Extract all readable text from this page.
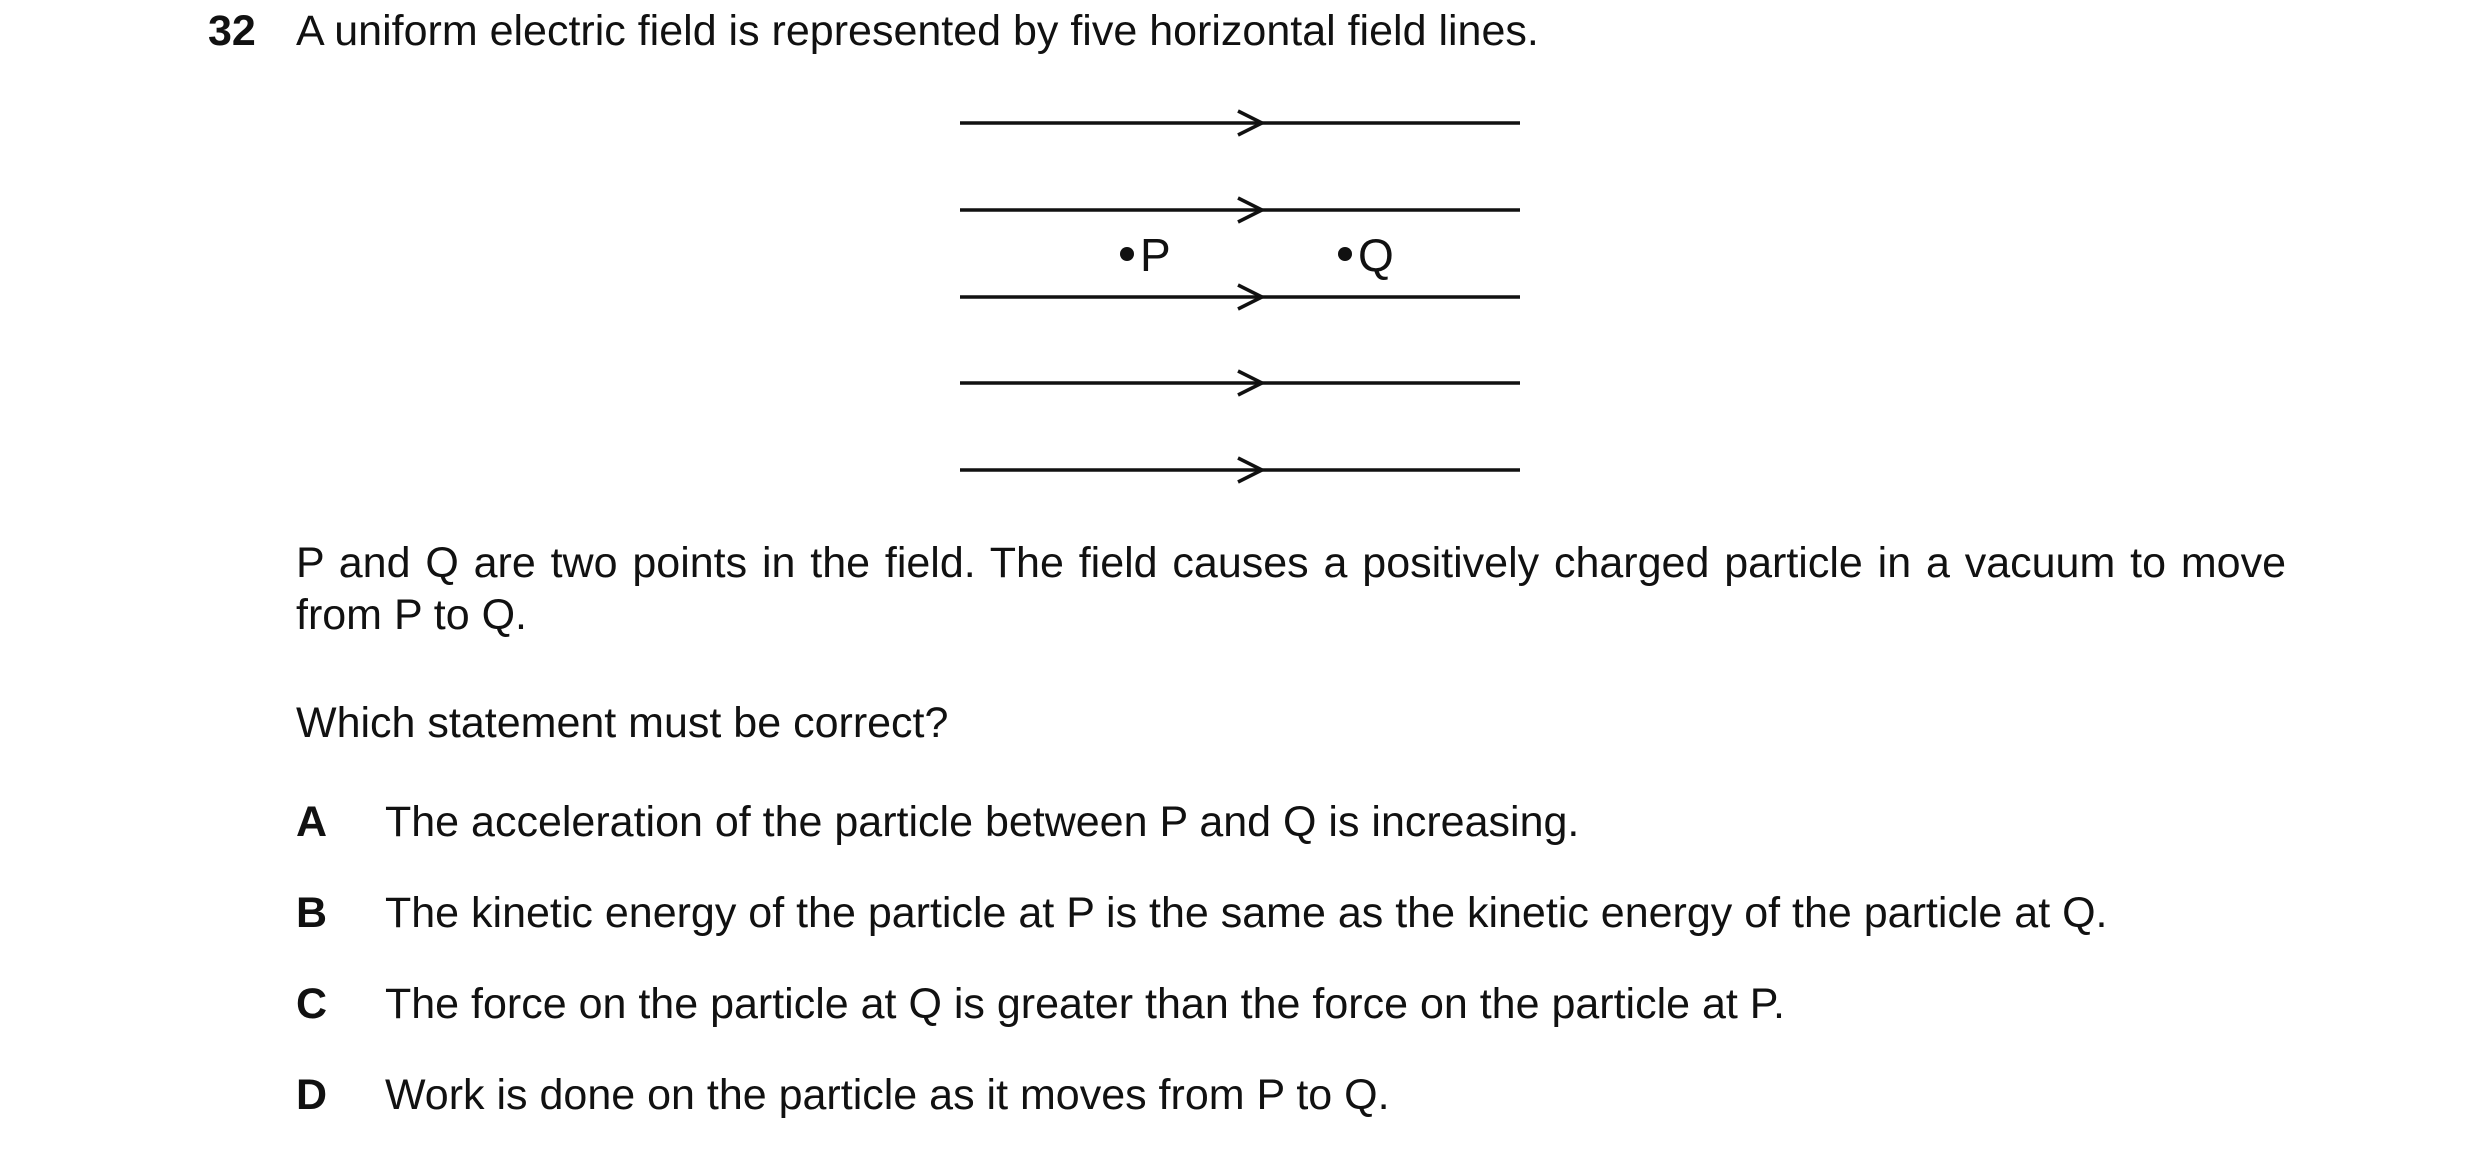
32 A uniform electric field is represented by five horizontal field lines.
P	Q
P and Q are two points in the field. The field causes a positively charged particle in a vacuum to move from P to Q.
Which statement must be correct?
A The acceleration of the particle between P and Q is increasing.
B The kinetic energy of the particle at P is the same as the kinetic energy of the particle at Q.
C The force on the particle at Q is greater than the force on the particle at P.
D Work is done on the particle as it moves from P to Q.
